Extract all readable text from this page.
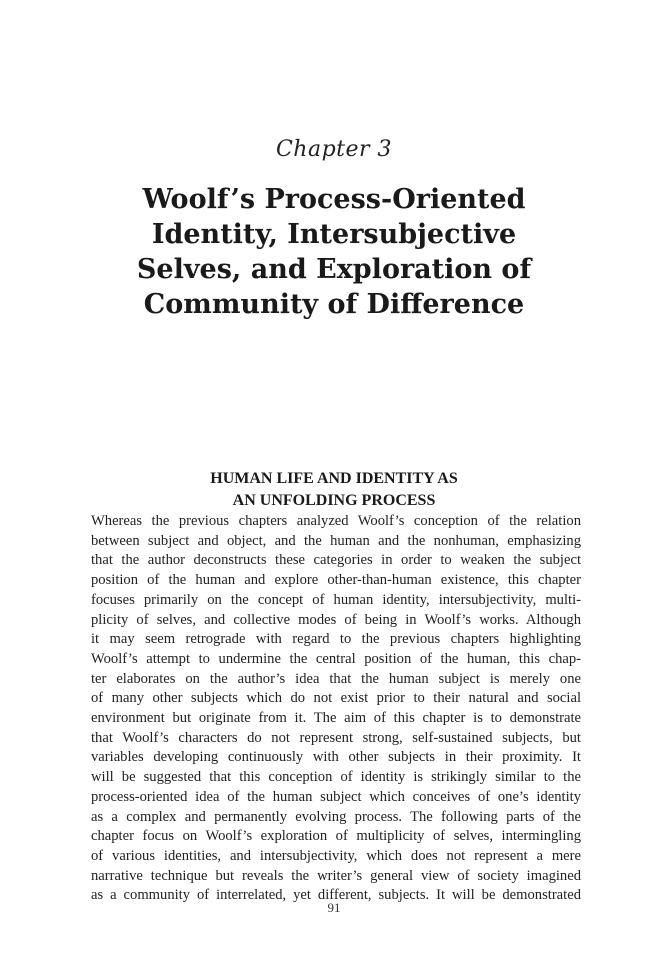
Chapter 3
Woolf’s Process-Oriented
Identity, Intersubjective
Selves, and Exploration of
Community of Difference
HUMAN LIFE AND IDENTITY AS
AN UNFOLDING PROCESS
Whereas the previous chapters analyzed Woolf’s conception of the relation
between subject and object, and the human and the nonhuman, emphasizing
that the author deconstructs these categories in order to weaken the subject
position of the human and explore other-than-human existence, this chapter
focuses primarily on the concept of human identity, intersubjectivity, multi-
plicity of selves, and collective modes of being in Woolf’s works. Although
it may seem retrograde with regard to the previous chapters highlighting
Woolf’s attempt to undermine the central position of the human, this chap-
ter elaborates on the author’s idea that the human subject is merely one
of many other subjects which do not exist prior to their natural and social
environment but originate from it. The aim of this chapter is to demonstrate
that Woolf’s characters do not represent strong, self-sustained subjects, but
variables developing continuously with other subjects in their proximity. It
will be suggested that this conception of identity is strikingly similar to the
process-oriented idea of the human subject which conceives of one’s identity
as a complex and permanently evolving process. The following parts of the
chapter focus on Woolf’s exploration of multiplicity of selves, intermingling
of various identities, and intersubjectivity, which does not represent a mere
narrative technique but reveals the writer’s general view of society imagined
as a community of interrelated, yet different, subjects. It will be demonstrated
91
